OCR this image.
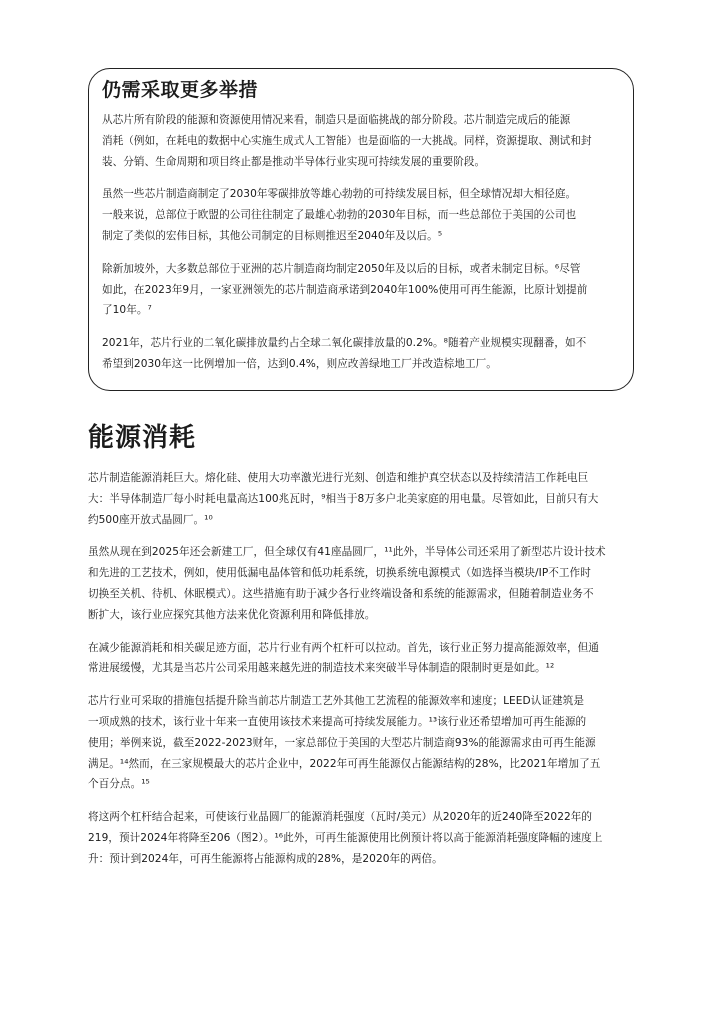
仍需采取更多举措

从芯片所有阶段的能源和资源使用情况来看，制造只是面临挑战的部分阶段。芯片制造完成后的能源
消耗（例如，在耗电的数据中心实施生成式人工智能）也是面临的一大挑战。同样，资源提取、测试和封
装、分销、生命周期和项目终止都是推动半导体行业实现可持续发展的重要阶段。

虽然一些芯片制造商制定了2030年零碳排放等雄心勃勃的可持续发展目标，但全球情况却大相径庭。
一般来说，总部位于欧盟的公司往往制定了最雄心勃勃的2030年目标，而一些总部位于美国的公司也
制定了类似的宏伟目标，其他公司制定的目标则推迟至2040年及以后。⁵

除新加坡外，大多数总部位于亚洲的芯片制造商均制定2050年及以后的目标，或者未制定目标。⁶尽管
如此，在2023年9月，一家亚洲领先的芯片制造商承诺到2040年100%使用可再生能源，比原计划提前
了10年。⁷

2021年，芯片行业的二氧化碳排放量约占全球二氧化碳排放量的0.2%。⁸随着产业规模实现翻番，如不
希望到2030年这一比例增加一倍，达到0.4%，则应改善绿地工厂并改造棕地工厂。

能源消耗

芯片制造能源消耗巨大。熔化硅、使用大功率激光进行光刻、创造和维护真空状态以及持续清洁工作耗电巨
大：半导体制造厂每小时耗电量高达100兆瓦时，⁹相当于8万多户北美家庭的用电量。尽管如此，目前只有大
约500座开放式晶圆厂。¹⁰

虽然从现在到2025年还会新建工厂，但全球仅有41座晶圆厂，¹¹此外，半导体公司还采用了新型芯片设计技术
和先进的工艺技术，例如，使用低漏电晶体管和低功耗系统，切换系统电源模式（如选择当模块/IP不工作时
切换至关机、待机、休眠模式）。这些措施有助于减少各行业终端设备和系统的能源需求，但随着制造业务不
断扩大，该行业应探究其他方法来优化资源利用和降低排放。

在减少能源消耗和相关碳足迹方面，芯片行业有两个杠杆可以拉动。首先，该行业正努力提高能源效率，但通
常进展缓慢，尤其是当芯片公司采用越来越先进的制造技术来突破半导体制造的限制时更是如此。¹²

芯片行业可采取的措施包括提升除当前芯片制造工艺外其他工艺流程的能源效率和速度；LEED认证建筑是
一项成熟的技术，该行业十年来一直使用该技术来提高可持续发展能力。¹³该行业还希望增加可再生能源的
使用；举例来说，截至2022-2023财年，一家总部位于美国的大型芯片制造商93%的能源需求由可再生能源
满足。¹⁴然而，在三家规模最大的芯片企业中，2022年可再生能源仅占能源结构的28%，比2021年增加了五
个百分点。¹⁵

将这两个杠杆结合起来，可使该行业晶圆厂的能源消耗强度（瓦时/美元）从2020年的近240降至2022年的
219，预计2024年将降至206（图2）。¹⁶此外，可再生能源使用比例预计将以高于能源消耗强度降幅的速度上
升：预计到2024年，可再生能源将占能源构成的28%，是2020年的两倍。
